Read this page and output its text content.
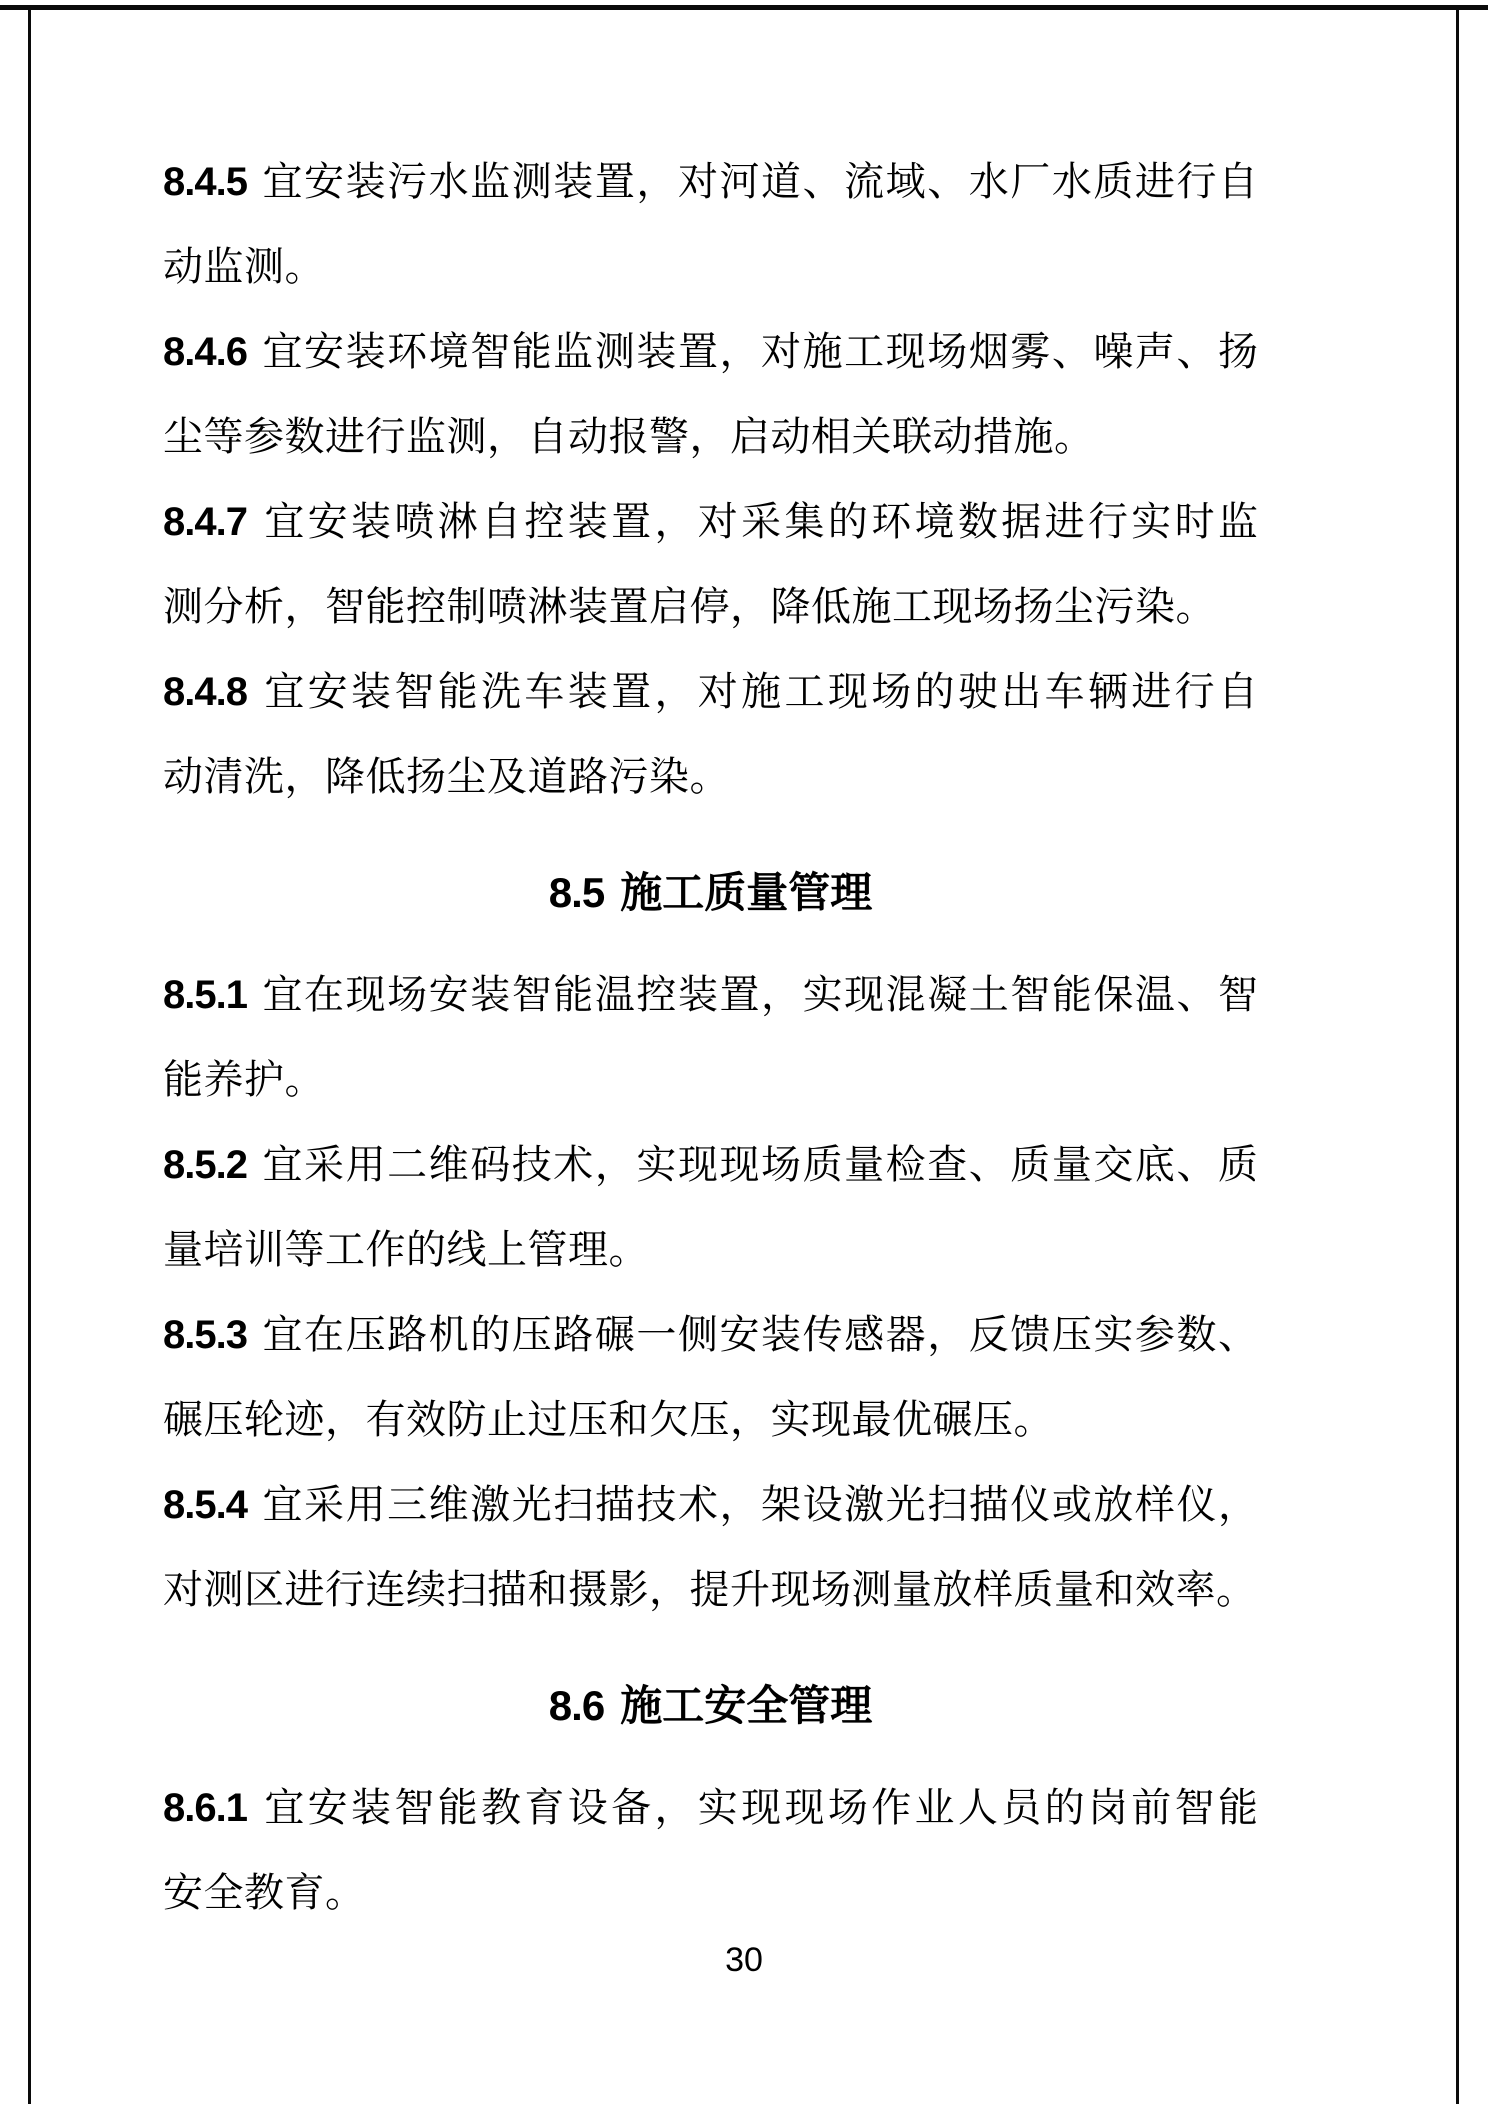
8.4.5 宜安装污水监测装置，对河道、流域、水厂水质进行自
动监测。
8.4.6 宜安装环境智能监测装置，对施工现场烟雾、噪声、扬
尘等参数进行监测，自动报警，启动相关联动措施。
8.4.7 宜安装喷淋自控装置，对采集的环境数据进行实时监
测分析，智能控制喷淋装置启停，降低施工现场扬尘污染。
8.4.8 宜安装智能洗车装置，对施工现场的驶出车辆进行自
动清洗，降低扬尘及道路污染。
8.5 施工质量管理
8.5.1 宜在现场安装智能温控装置，实现混凝土智能保温、智
能养护。
8.5.2 宜采用二维码技术，实现现场质量检查、质量交底、质
量培训等工作的线上管理。
8.5.3 宜在压路机的压路碾一侧安装传感器，反馈压实参数、
碾压轮迹，有效防止过压和欠压，实现最优碾压。
8.5.4 宜采用三维激光扫描技术，架设激光扫描仪或放样仪，
对测区进行连续扫描和摄影，提升现场测量放样质量和效率。
8.6 施工安全管理
8.6.1 宜安装智能教育设备，实现现场作业人员的岗前智能
安全教育。
30
